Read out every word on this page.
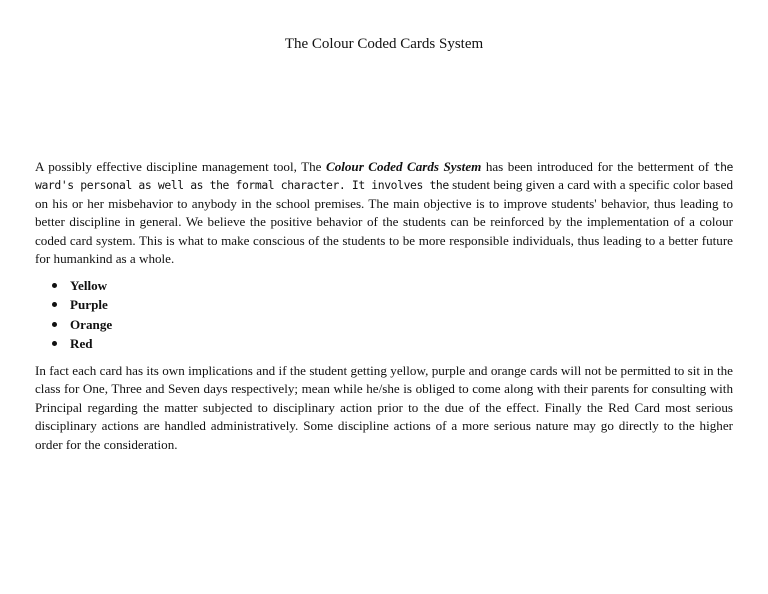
The Colour Coded Cards System
A possibly effective discipline management tool, The Colour Coded Cards System has been introduced for the betterment of the ward's personal as well as the formal character. It involves the student being given a card with a specific color based on his or her misbehavior to anybody in the school premises. The main objective is to improve students' behavior, thus leading to better discipline in general. We believe the positive behavior of the students can be reinforced by the implementation of a colour coded card system. This is what to make conscious of the students to be more responsible individuals, thus leading to a better future for humankind as a whole.
Yellow
Purple
Orange
Red
In fact each card has its own implications and if the student getting yellow, purple and orange cards will not be permitted to sit in the class for One, Three and Seven days respectively; mean while he/she is obliged to come along with their parents for consulting with Principal regarding the matter subjected to disciplinary action prior to the due of the effect. Finally the Red Card most serious disciplinary actions are handled administratively. Some discipline actions of a more serious nature may go directly to the higher order for the consideration.
